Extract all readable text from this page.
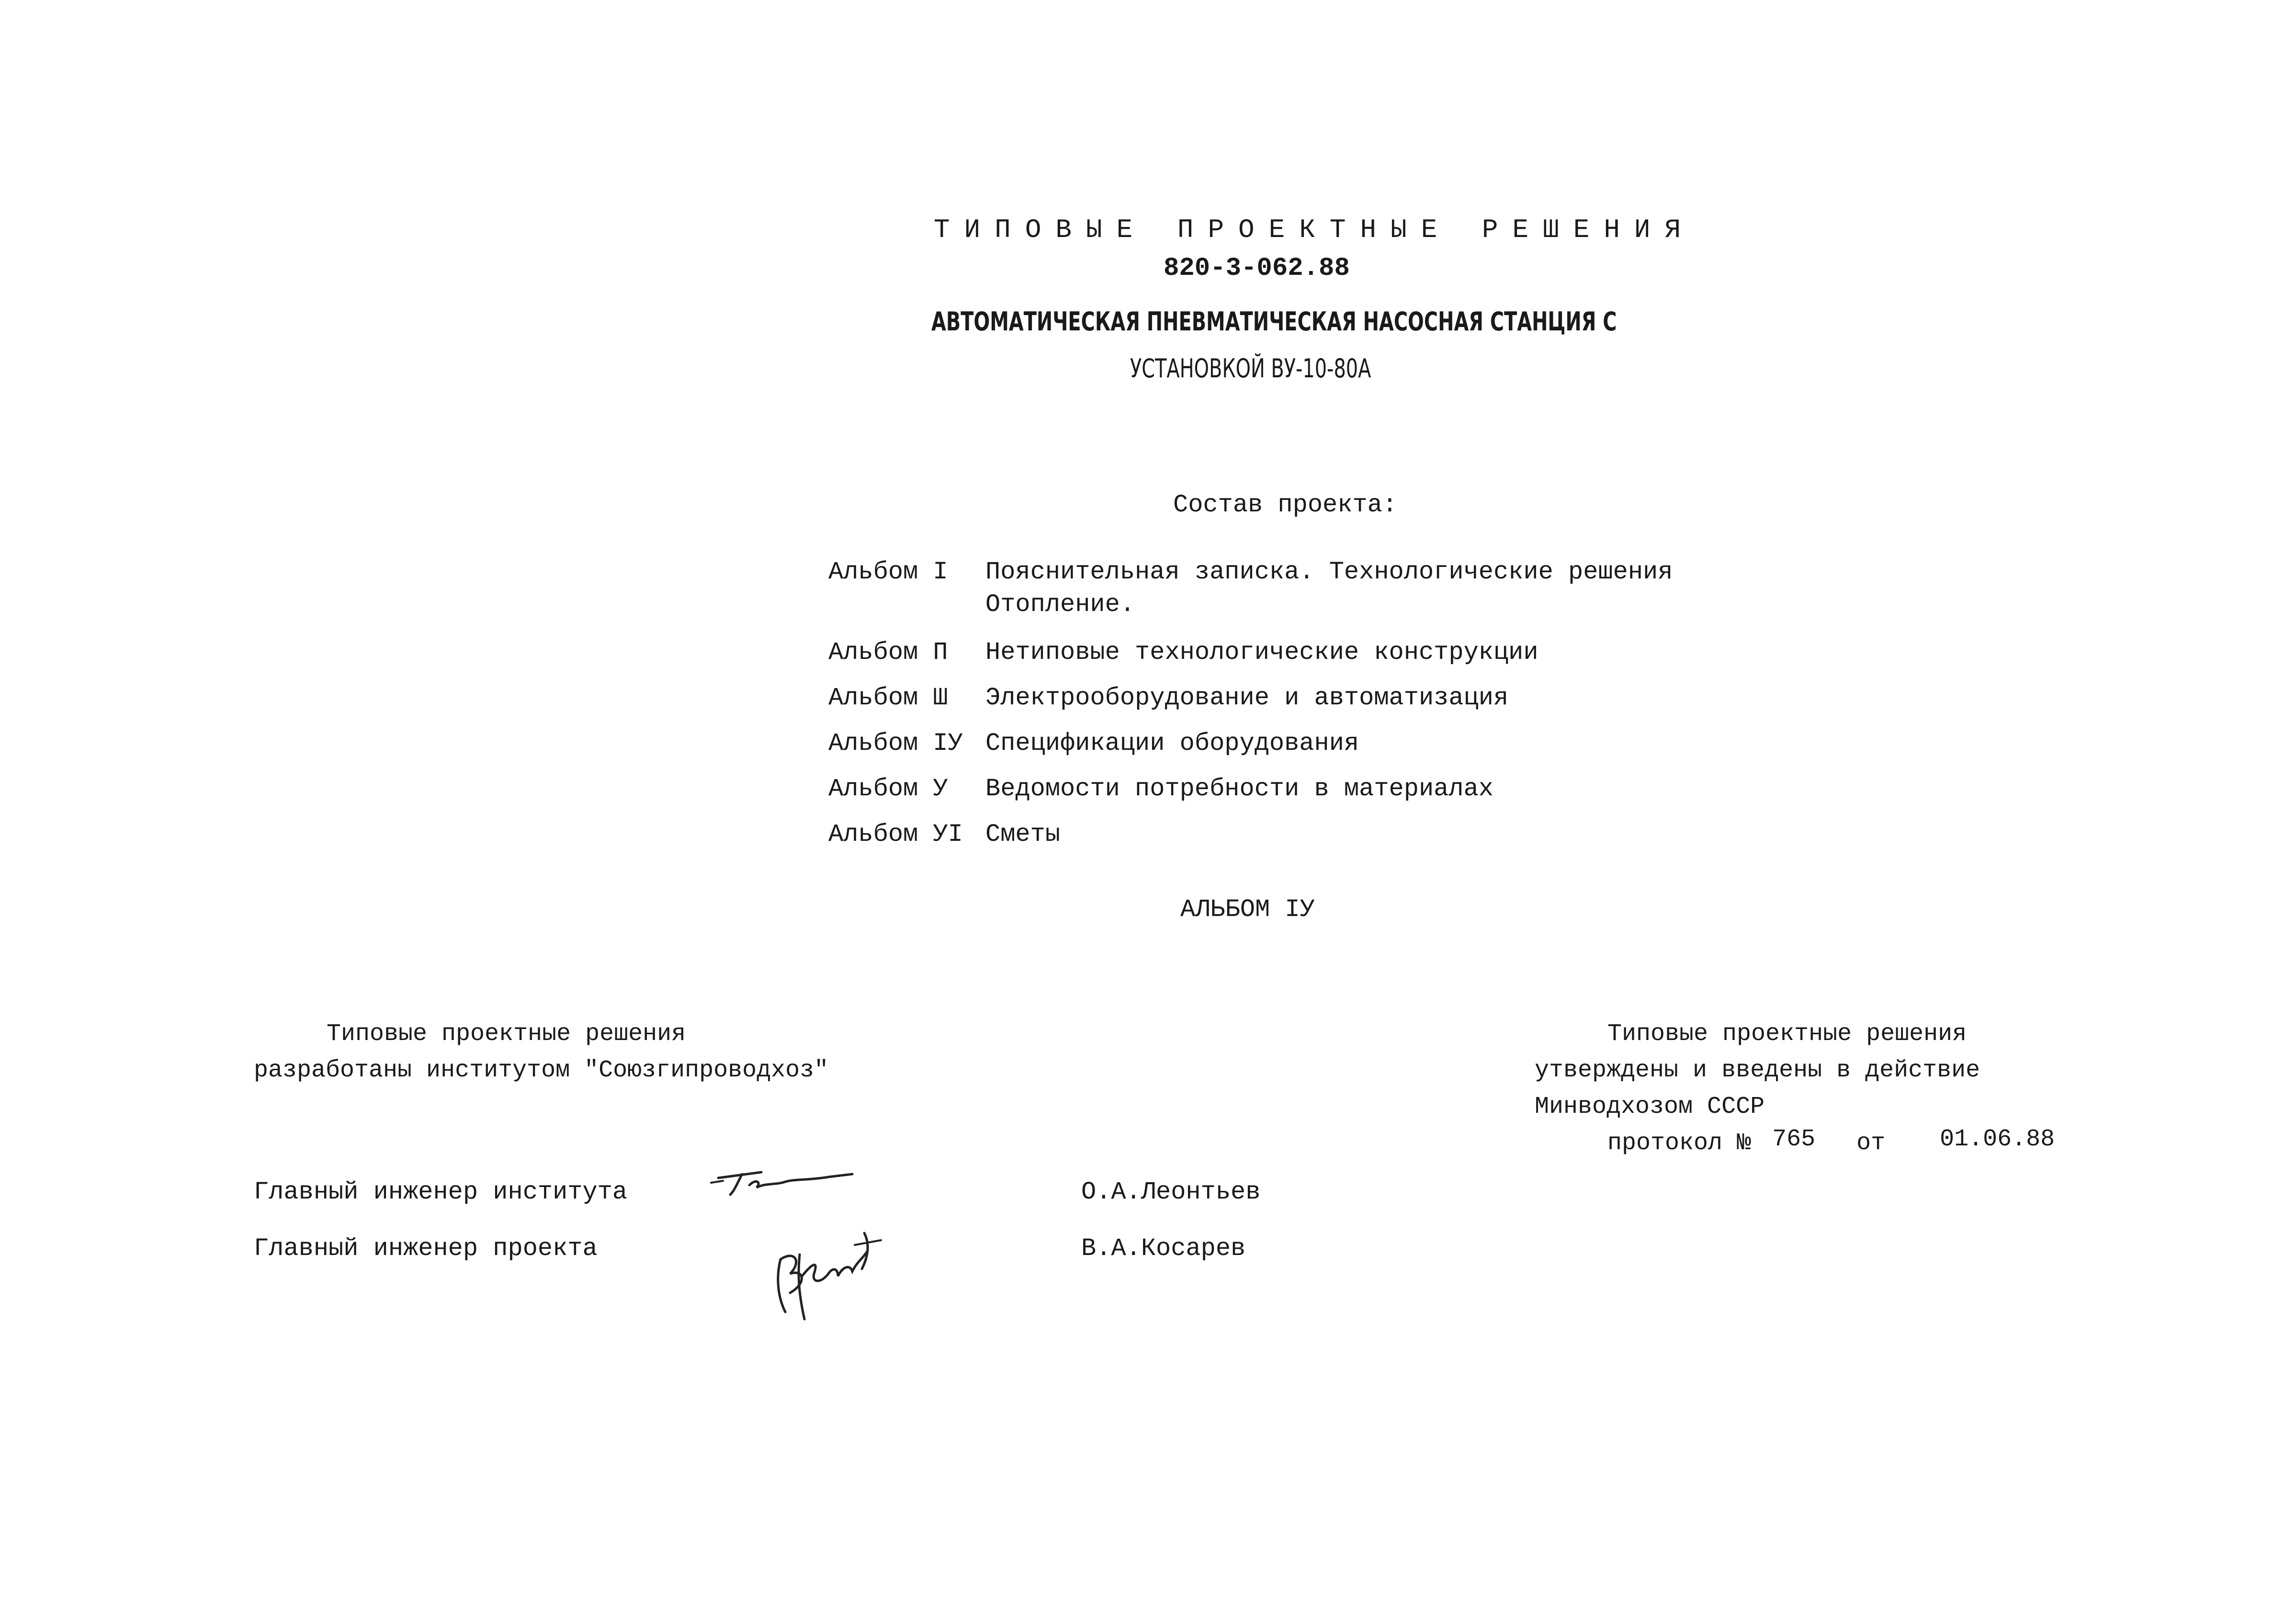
ТИПОВЫЕ ПРОЕКТНЫЕ РЕШЕНИЯ
820-3-062.88
АВТОМАТИЧЕСКАЯ ПНЕВМАТИЧЕСКАЯ НАСОСНАЯ СТАНЦИЯ С
УСТАНОВКОЙ ВУ-10-80А
Состав проекта:
Альбом I Пояснительная записка. Технологические решения
Отопление.
Альбом П Нетиповые технологические конструкции
Альбом Ш Электрооборудование и автоматизация
Альбом IУ Спецификации оборудования
Альбом У Ведомости потребности в материалах
Альбом УI Сметы
АЛЬБОМ IУ
Типовые проектные решения
разработаны институтом "Союзгипроводхоз"
Типовые проектные решения
утверждены и введены в действие
Минводхозом СССР
протокол № 765 от 01.06.88
Главный инженер института	О.А.Леонтьев
Главный инженер проекта	В.А.Косарев
